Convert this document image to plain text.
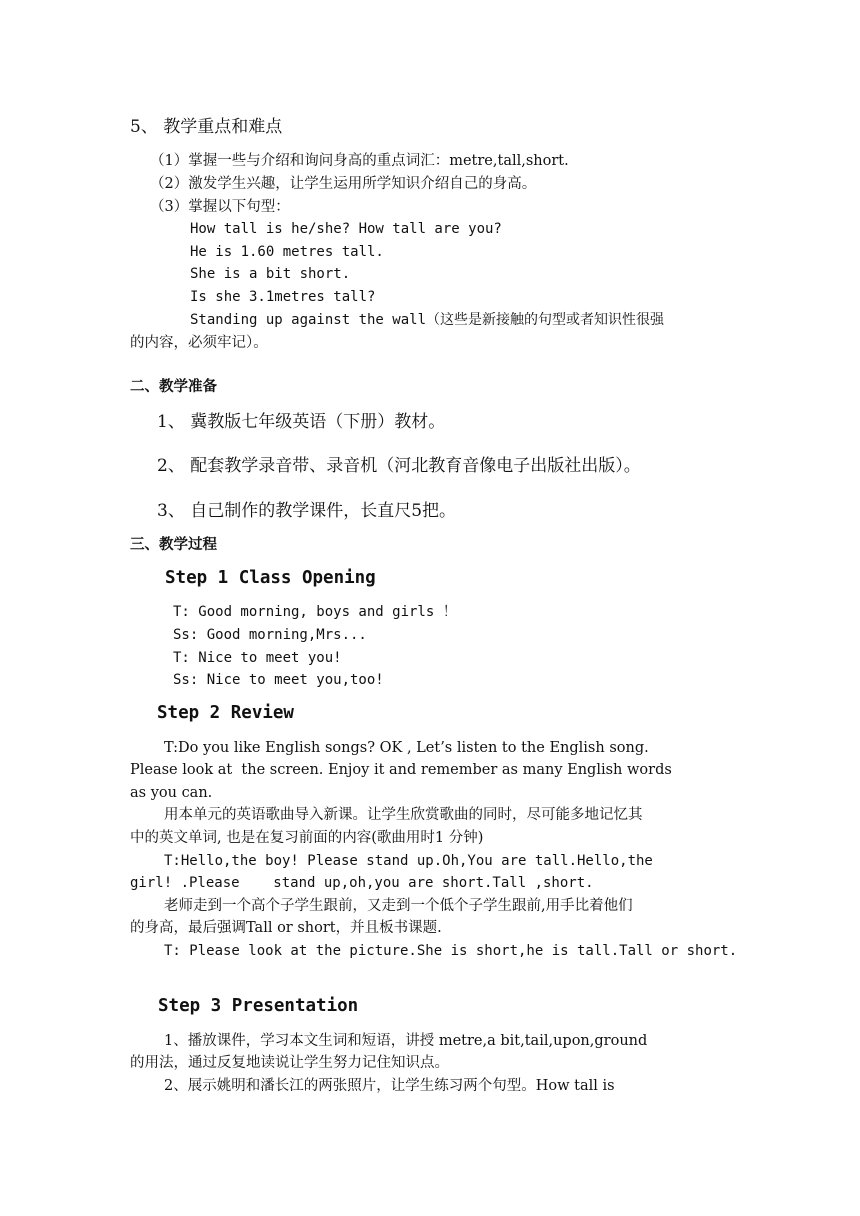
5、 教学重点和难点
（1）掌握一些与介绍和询问身高的重点词汇：metre,tall,short.
（2）激发学生兴趣，让学生运用所学知识介绍自己的身高。
（3）掌握以下句型：
How tall is he/she? How tall are you?
He is 1.60 metres tall.
She is a bit short.
Is she 3.1metres tall?
Standing up against the wall（这些是新接触的句型或者知识性很强
的内容，必须牢记）。
二、教学准备
1、 冀教版七年级英语（下册）教材。
2、 配套教学录音带、录音机（河北教育音像电子出版社出版）。
3、 自己制作的教学课件，长直尺5把。
三、教学过程
Step 1 Class Opening
T: Good morning, boys and girls ！
Ss: Good morning,Mrs...
T: Nice to meet you!
Ss: Nice to meet you,too!
Step 2 Review
T:Do you like English songs? OK , Let’s listen to the English song.
Please look at  the screen. Enjoy it and remember as many English words
as you can.
用本单元的英语歌曲导入新课。让学生欣赏歌曲的同时，尽可能多地记忆其
中的英文单词, 也是在复习前面的内容(歌曲用时1 分钟)
T:Hello,the boy! Please stand up.Oh,You are tall.Hello,the
girl! .Please    stand up,oh,you are short.Tall ,short.
老师走到一个高个子学生跟前，又走到一个低个子学生跟前,用手比着他们
的身高，最后强调Tall or short，并且板书课题.
T: Please look at the picture.She is short,he is tall.Tall or short.
Step 3 Presentation
1、播放课件，学习本文生词和短语，讲授 metre,a bit,tail,upon,ground
的用法，通过反复地读说让学生努力记住知识点。
2、展示姚明和潘长江的两张照片，让学生练习两个句型。How tall is
